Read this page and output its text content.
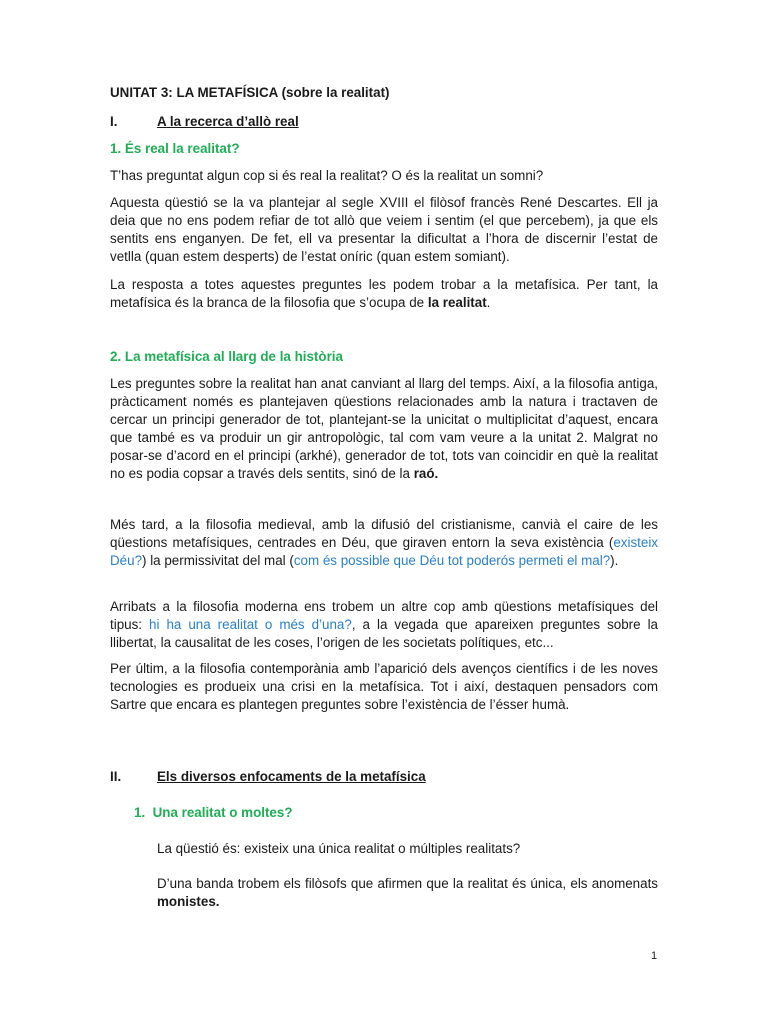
UNITAT 3: LA METAFÍSICA (sobre la realitat)

I.	A la recerca d’allò real

1. És real la realitat?

T’has preguntat algun cop si és real la realitat? O és la realitat un somni?

Aquesta qüestió se la va plantejar al segle XVIII el filòsof francès René Descartes. Ell ja deia que no ens podem refiar de tot allò que veiem i sentim (el que percebem), ja que els sentits ens enganyen. De fet, ell va presentar la dificultat a l’hora de discernir l’estat de vetlla (quan estem desperts) de l’estat oníric (quan estem somiant).

La resposta a totes aquestes preguntes les podem trobar a la metafísica. Per tant, la metafísica és la branca de la filosofia que s’ocupa de la realitat.

2. La metafísica al llarg de la història

Les preguntes sobre la realitat han anat canviant al llarg del temps. Així, a la filosofia antiga, pràcticament només es plantejaven qüestions relacionades amb la natura i tractaven de cercar un principi generador de tot, plantejant-se la unicitat o multiplicitat d’aquest, encara que també es va produir un gir antropològic, tal com vam veure a la unitat 2. Malgrat no posar-se d’acord en el principi (arkhé), generador de tot, tots van coincidir en què la realitat no es podia copsar a través dels sentits, sinó de la raó.

Més tard, a la filosofia medieval, amb la difusió del cristianisme, canvià el caire de les qüestions metafísiques, centrades en Déu, que giraven entorn la seva existència (existeix Déu?) la permissivitat del mal (com és possible que Déu tot poderós permeti el mal?).

Arribats a la filosofia moderna ens trobem un altre cop amb qüestions metafísiques del tipus: hi ha una realitat o més d’una?, a la vegada que apareixen preguntes sobre la llibertat, la causalitat de les coses, l’origen de les societats polítiques, etc...

Per últim, a la filosofia contemporània amb l’aparició dels avenços científics i de les noves tecnologies es produeix una crisi en la metafísica. Tot i així, destaquen pensadors com Sartre que encara es plantegen preguntes sobre l’existència de l’ésser humà.

II.	Els diversos enfocaments de la metafísica

1.  Una realitat o moltes?

La qüestió és: existeix una única realitat o múltiples realitats?

D’una banda trobem els filòsofs que afirmen que la realitat és única, els anomenats monistes.

1
